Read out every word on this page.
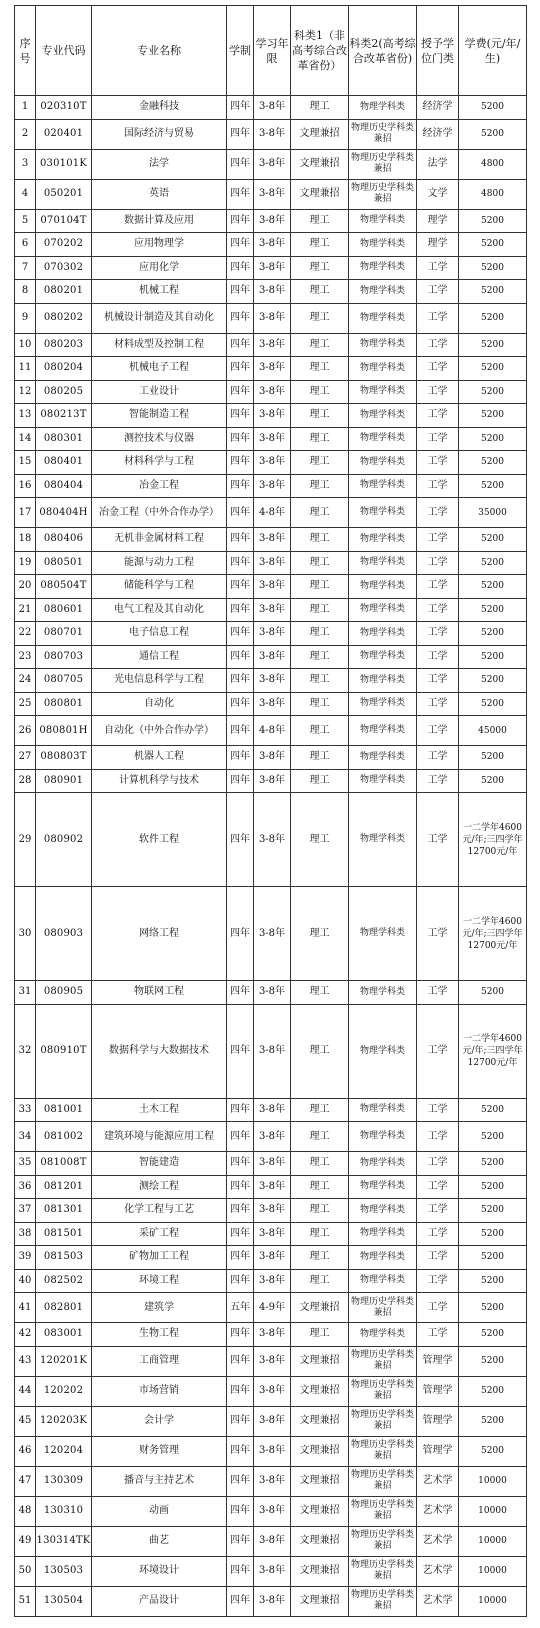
序号	专业代码	专业名称	学制	学习年限	科类1（非高考综合改革省份）	科类2(高考综合改革省份)	授予学位门类	学费(元/年/生)
1	020310T	金融科技	四年	3-8年	理工	物理学科类	经济学	5200
2	020401	国际经济与贸易	四年	3-8年	文理兼招	物理历史学科类兼招	经济学	5200
3	030101K	法学	四年	3-8年	文理兼招	物理历史学科类兼招	法学	4800
4	050201	英语	四年	3-8年	文理兼招	物理历史学科类兼招	文学	4800
5	070104T	数据计算及应用	四年	3-8年	理工	物理学科类	理学	5200
6	070202	应用物理学	四年	3-8年	理工	物理学科类	理学	5200
7	070302	应用化学	四年	3-8年	理工	物理学科类	工学	5200
8	080201	机械工程	四年	3-8年	理工	物理学科类	工学	5200
9	080202	机械设计制造及其自动化	四年	3-8年	理工	物理学科类	工学	5200
10	080203	材料成型及控制工程	四年	3-8年	理工	物理学科类	工学	5200
11	080204	机械电子工程	四年	3-8年	理工	物理学科类	工学	5200
12	080205	工业设计	四年	3-8年	理工	物理学科类	工学	5200
13	080213T	智能制造工程	四年	3-8年	理工	物理学科类	工学	5200
14	080301	测控技术与仪器	四年	3-8年	理工	物理学科类	工学	5200
15	080401	材料科学与工程	四年	3-8年	理工	物理学科类	工学	5200
16	080404	冶金工程	四年	3-8年	理工	物理学科类	工学	5200
17	080404H	冶金工程（中外合作办学）	四年	4-8年	理工	物理学科类	工学	35000
18	080406	无机非金属材料工程	四年	3-8年	理工	物理学科类	工学	5200
19	080501	能源与动力工程	四年	3-8年	理工	物理学科类	工学	5200
20	080504T	储能科学与工程	四年	3-8年	理工	物理学科类	工学	5200
21	080601	电气工程及其自动化	四年	3-8年	理工	物理学科类	工学	5200
22	080701	电子信息工程	四年	3-8年	理工	物理学科类	工学	5200
23	080703	通信工程	四年	3-8年	理工	物理学科类	工学	5200
24	080705	光电信息科学与工程	四年	3-8年	理工	物理学科类	工学	5200
25	080801	自动化	四年	3-8年	理工	物理学科类	工学	5200
26	080801H	自动化（中外合作办学）	四年	4-8年	理工	物理学科类	工学	45000
27	080803T	机器人工程	四年	3-8年	理工	物理学科类	工学	5200
28	080901	计算机科学与技术	四年	3-8年	理工	物理学科类	工学	5200
29	080902	软件工程	四年	3-8年	理工	物理学科类	工学	一二学年4600元/年;三四学年12700元/年
30	080903	网络工程	四年	3-8年	理工	物理学科类	工学	一二学年4600元/年;三四学年12700元/年
31	080905	物联网工程	四年	3-8年	理工	物理学科类	工学	5200
32	080910T	数据科学与大数据技术	四年	3-8年	理工	物理学科类	工学	一二学年4600元/年;三四学年12700元/年
33	081001	土木工程	四年	3-8年	理工	物理学科类	工学	5200
34	081002	建筑环境与能源应用工程	四年	3-8年	理工	物理学科类	工学	5200
35	081008T	智能建造	四年	3-8年	理工	物理学科类	工学	5200
36	081201	测绘工程	四年	3-8年	理工	物理学科类	工学	5200
37	081301	化学工程与工艺	四年	3-8年	理工	物理学科类	工学	5200
38	081501	采矿工程	四年	3-8年	理工	物理学科类	工学	5200
39	081503	矿物加工工程	四年	3-8年	理工	物理学科类	工学	5200
40	082502	环境工程	四年	3-8年	理工	物理学科类	工学	5200
41	082801	建筑学	五年	4-9年	文理兼招	物理历史学科类兼招	工学	5200
42	083001	生物工程	四年	3-8年	理工	物理学科类	工学	5200
43	120201K	工商管理	四年	3-8年	文理兼招	物理历史学科类兼招	管理学	5200
44	120202	市场营销	四年	3-8年	文理兼招	物理历史学科类兼招	管理学	5200
45	120203K	会计学	四年	3-8年	文理兼招	物理历史学科类兼招	管理学	5200
46	120204	财务管理	四年	3-8年	文理兼招	物理历史学科类兼招	管理学	5200
47	130309	播音与主持艺术	四年	3-8年	文理兼招	物理历史学科类兼招	艺术学	10000
48	130310	动画	四年	3-8年	文理兼招	物理历史学科类兼招	艺术学	10000
49	130314TK	曲艺	四年	3-8年	文理兼招	物理历史学科类兼招	艺术学	10000
50	130503	环境设计	四年	3-8年	文理兼招	物理历史学科类兼招	艺术学	10000
51	130504	产品设计	四年	3-8年	文理兼招	物理历史学科类兼招	艺术学	10000
